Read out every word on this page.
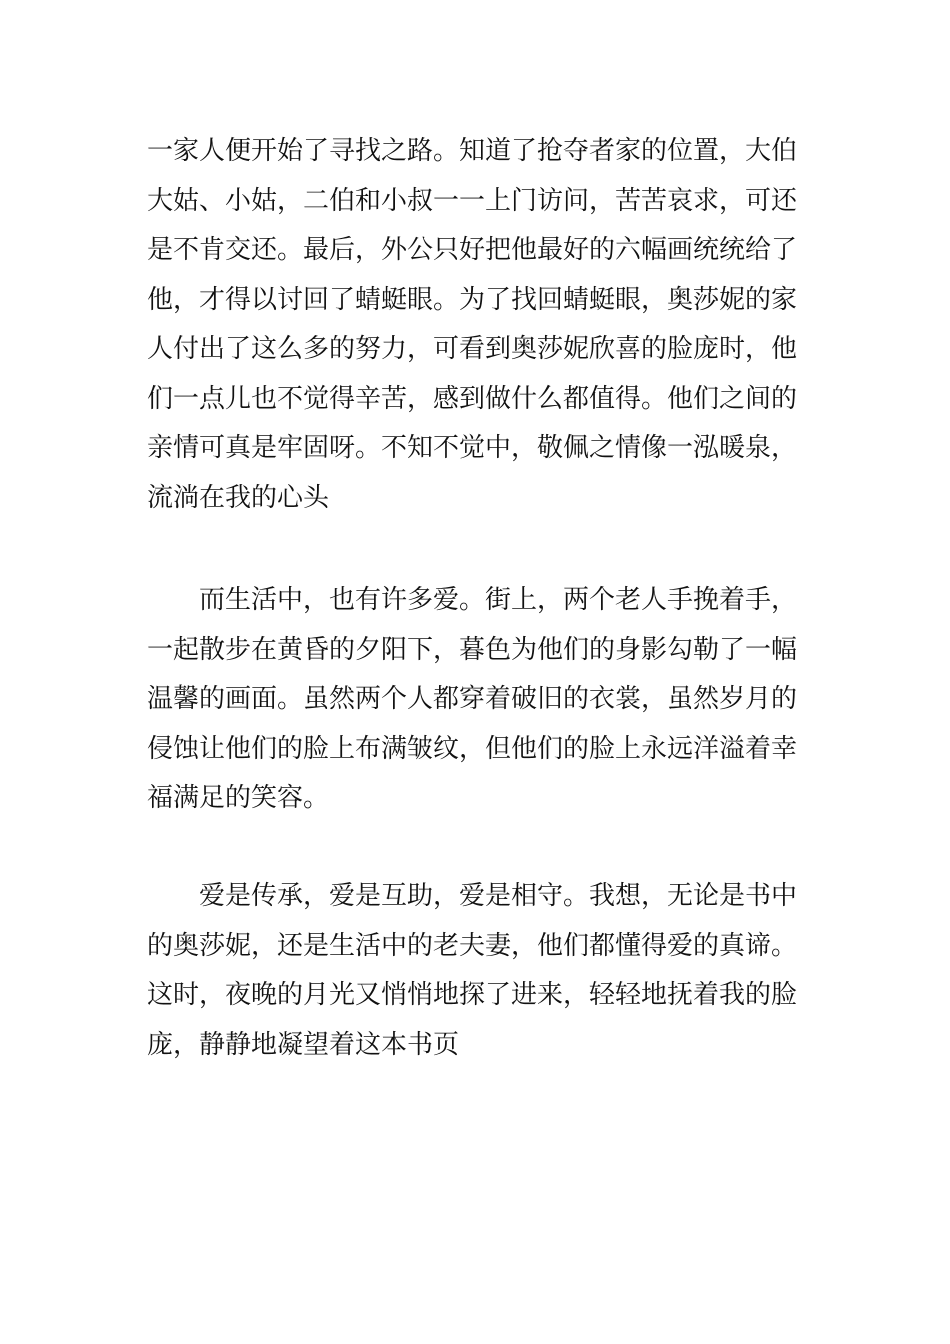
一家人便开始了寻找之路。知道了抢夺者家的位置，大伯
大姑、小姑，二伯和小叔一一上门访问，苦苦哀求，可还
是不肯交还。最后，外公只好把他最好的六幅画统统给了
他，才得以讨回了蜻蜓眼。为了找回蜻蜓眼，奥莎妮的家
人付出了这么多的努力，可看到奥莎妮欣喜的脸庞时，他
们一点儿也不觉得辛苦，感到做什么都值得。他们之间的
亲情可真是牢固呀。不知不觉中，敬佩之情像一泓暖泉，
流淌在我的心头
而生活中，也有许多爱。街上，两个老人手挽着手，
一起散步在黄昏的夕阳下，暮色为他们的身影勾勒了一幅
温馨的画面。虽然两个人都穿着破旧的衣裳，虽然岁月的
侵蚀让他们的脸上布满皱纹，但他们的脸上永远洋溢着幸
福满足的笑容。
爱是传承，爱是互助，爱是相守。我想，无论是书中
的奥莎妮，还是生活中的老夫妻，他们都懂得爱的真谛。
这时，夜晚的月光又悄悄地探了进来，轻轻地抚着我的脸
庞，静静地凝望着这本书页
